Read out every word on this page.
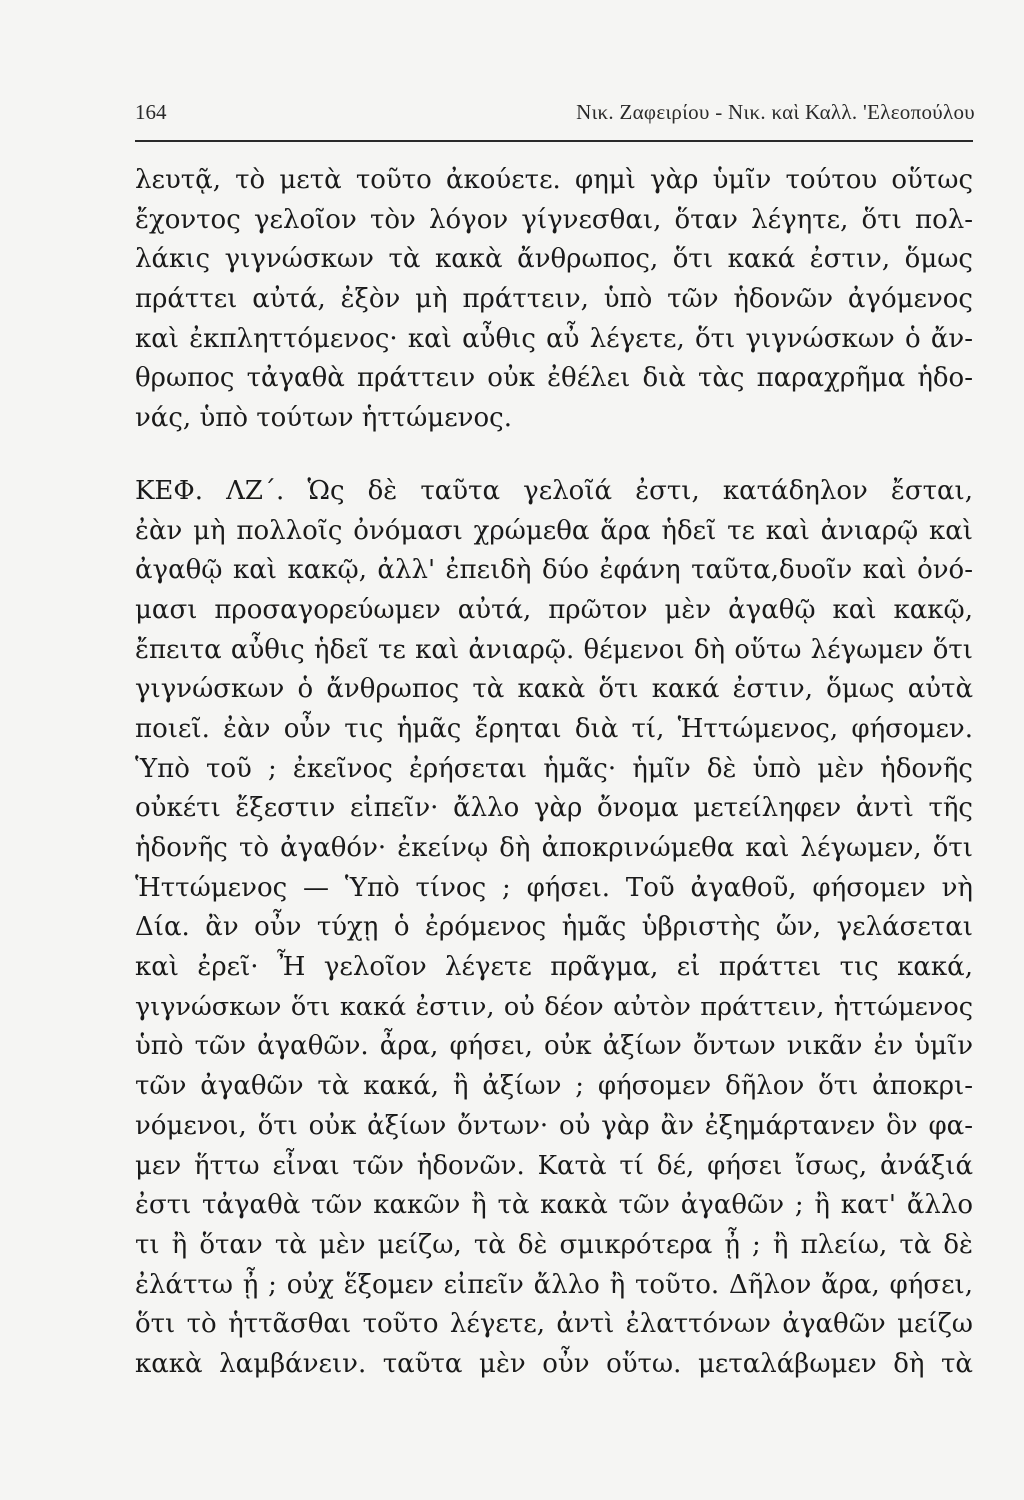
164	Νικ. Ζαφειρίου - Νικ. καὶ Καλλ. 'Ελεοπούλου
λευτᾷ, τὸ μετὰ τοῦτο ἀκούετε. φημὶ γὰρ ὑμῖν τούτου οὕτως
ἔχοντος γελοῖον τὸν λόγον γίγνεσθαι, ὅταν λέγητε, ὅτι πολ-
λάκις γιγνώσκων τὰ κακὰ ἄνθρωπος, ὅτι κακά ἐστιν, ὅμως
πράττει αὐτά, ἐξὸν μὴ πράττειν, ὑπὸ τῶν ἡδονῶν ἀγόμενος
καὶ ἐκπληττόμενος· καὶ αὖθις αὖ λέγετε, ὅτι γιγνώσκων ὁ ἄν-
θρωπος τἀγαθὰ πράττειν οὐκ ἐθέλει διὰ τὰς παραχρῆμα ἡδο-
νάς, ὑπὸ τούτων ἡττώμενος.
ΚΕΦ. ΛΖ΄. Ὡς δὲ ταῦτα γελοῖά ἐστι, κατάδηλον ἔσται,
ἐὰν μὴ πολλοῖς ὀνόμασι χρώμεθα ἅρα ἡδεῖ τε καὶ ἀνιαρῷ καὶ
ἀγαθῷ καὶ κακῷ, ἀλλ' ἐπειδὴ δύο ἐφάνη ταῦτα,δυοῖν καὶ ὀνό-
μασι προσαγορεύωμεν αὐτά, πρῶτον μὲν ἀγαθῷ καὶ κακῷ,
ἔπειτα αὖθις ἡδεῖ τε καὶ ἀνιαρῷ. θέμενοι δὴ οὕτω λέγωμεν ὅτι
γιγνώσκων ὁ ἄνθρωπος τὰ κακὰ ὅτι κακά ἐστιν, ὅμως αὐτὰ
ποιεῖ. ἐὰν οὖν τις ἡμᾶς ἔρηται διὰ τί, Ἡττώμενος, φήσομεν.
Ὑπὸ τοῦ ; ἐκεῖνος ἐρήσεται ἡμᾶς· ἡμῖν δὲ ὑπὸ μὲν ἡδονῆς
οὐκέτι ἔξεστιν εἰπεῖν· ἄλλο γὰρ ὄνομα μετείληφεν ἀντὶ τῆς
ἡδονῆς τὸ ἀγαθόν· ἐκείνῳ δὴ ἀποκρινώμεθα καὶ λέγωμεν, ὅτι
Ἡττώμενος — Ὑπὸ τίνος ; φήσει. Τοῦ ἀγαθοῦ, φήσομεν νὴ
Δία. ἂν οὖν τύχῃ ὁ ἐρόμενος ἡμᾶς ὑβριστὴς ὤν, γελάσεται
καὶ ἐρεῖ· Ἦ γελοῖον λέγετε πρᾶγμα, εἰ πράττει τις κακά,
γιγνώσκων ὅτι κακά ἐστιν, οὐ δέον αὐτὸν πράττειν, ἡττώμενος
ὑπὸ τῶν ἀγαθῶν. ἆρα, φήσει, οὐκ ἀξίων ὄντων νικᾶν ἐν ὑμῖν
τῶν ἀγαθῶν τὰ κακά, ἢ ἀξίων ; φήσομεν δῆλον ὅτι ἀποκρι-
νόμενοι, ὅτι οὐκ ἀξίων ὄντων· οὐ γὰρ ἂν ἐξημάρτανεν ὃν φα-
μεν ἥττω εἶναι τῶν ἡδονῶν. Κατὰ τί δέ, φήσει ἴσως, ἀνάξιά
ἐστι τἀγαθὰ τῶν κακῶν ἢ τὰ κακὰ τῶν ἀγαθῶν ; ἢ κατ' ἄλλο
τι ἢ ὅταν τὰ μὲν μείζω, τὰ δὲ σμικρότερα ᾖ ; ἢ πλείω, τὰ δὲ
ἐλάττω ᾖ ; οὐχ ἕξομεν εἰπεῖν ἄλλο ἢ τοῦτο. Δῆλον ἄρα, φήσει,
ὅτι τὸ ἡττᾶσθαι τοῦτο λέγετε, ἀντὶ ἐλαττόνων ἀγαθῶν μείζω
κακὰ λαμβάνειν. ταῦτα μὲν οὖν οὕτω. μεταλάβωμεν δὴ τὰ
